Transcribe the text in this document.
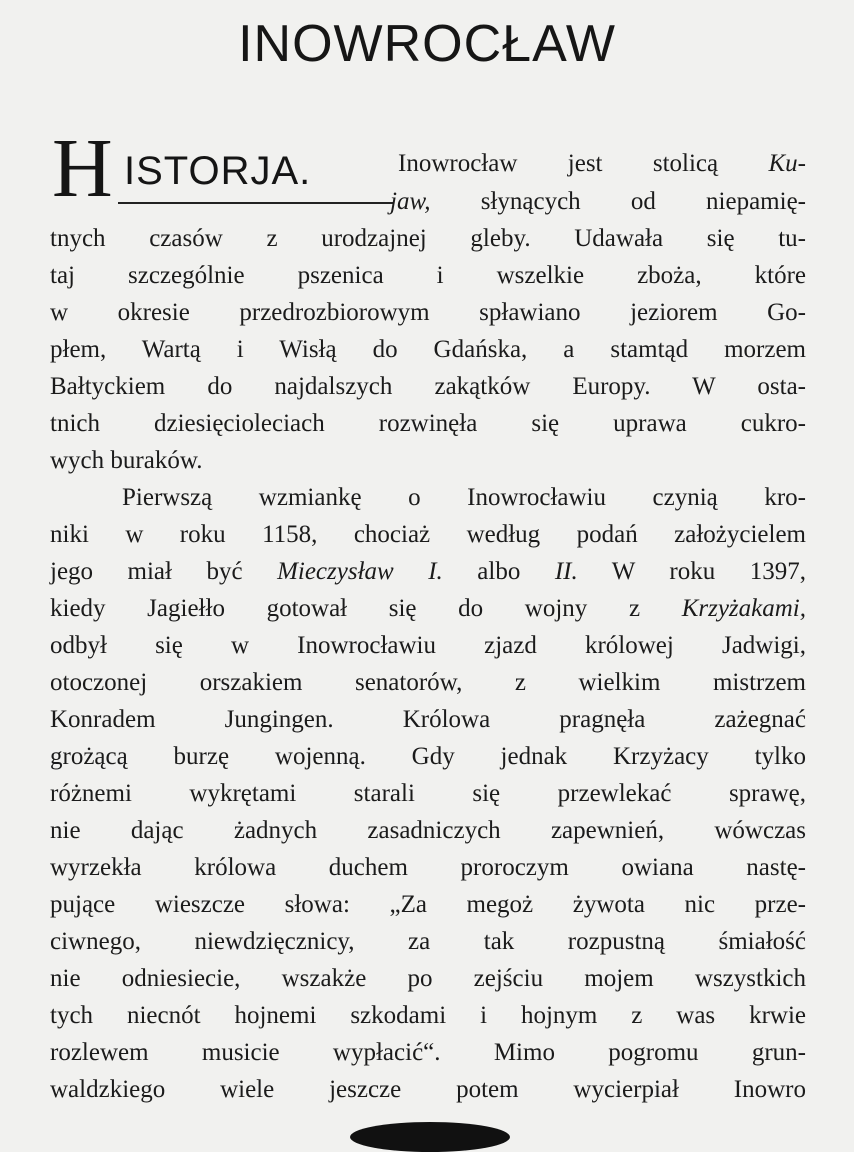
INOWROCŁAW
H ISTORJA.	Inowrocław jest stolicą Ku-
jaw, słynących od niepamię-
tnych czasów z urodzajnej gleby. Udawała się tu-
taj szczególnie pszenica i wszelkie zboża, które
w okresie przedrozbiorowym spławiano jeziorem Go-
płem, Wartą i Wisłą do Gdańska, a stamtąd morzem
Bałtyckiem do najdalszych zakątków Europy. W osta-
tnich dziesięcioleciach rozwinęła się uprawa cukro-
wych buraków.
Pierwszą wzmiankę o Inowrocławiu czynią kro-
niki w roku 1158, chociaż według podań założycielem
jego miał być Mieczysław I. albo II. W roku 1397,
kiedy Jagiełło gotował się do wojny z Krzyżakami,
odbył się w Inowrocławiu zjazd królowej Jadwigi,
otoczonej orszakiem senatorów, z wielkim mistrzem
Konradem Jungingen. Królowa pragnęła zażegnać
grożącą burzę wojenną. Gdy jednak Krzyżacy tylko
różnemi wykrętami starali się przewlekać sprawę,
nie dając żadnych zasadniczych zapewnień, wówczas
wyrzekła królowa duchem proroczym owiana nastę-
pujące wieszcze słowa: „Za megoż żywota nic prze-
ciwnego, niewdzięcznicy, za tak rozpustną śmiałość
nie odniesiecie, wszakże po zejściu mojem wszystkich
tych niecnót hojnemi szkodami i hojnym z was krwie
rozlewem musicie wypłacić“. Mimo pogromu grun-
waldzkiego wiele jeszcze potem wycierpiał Inowro
